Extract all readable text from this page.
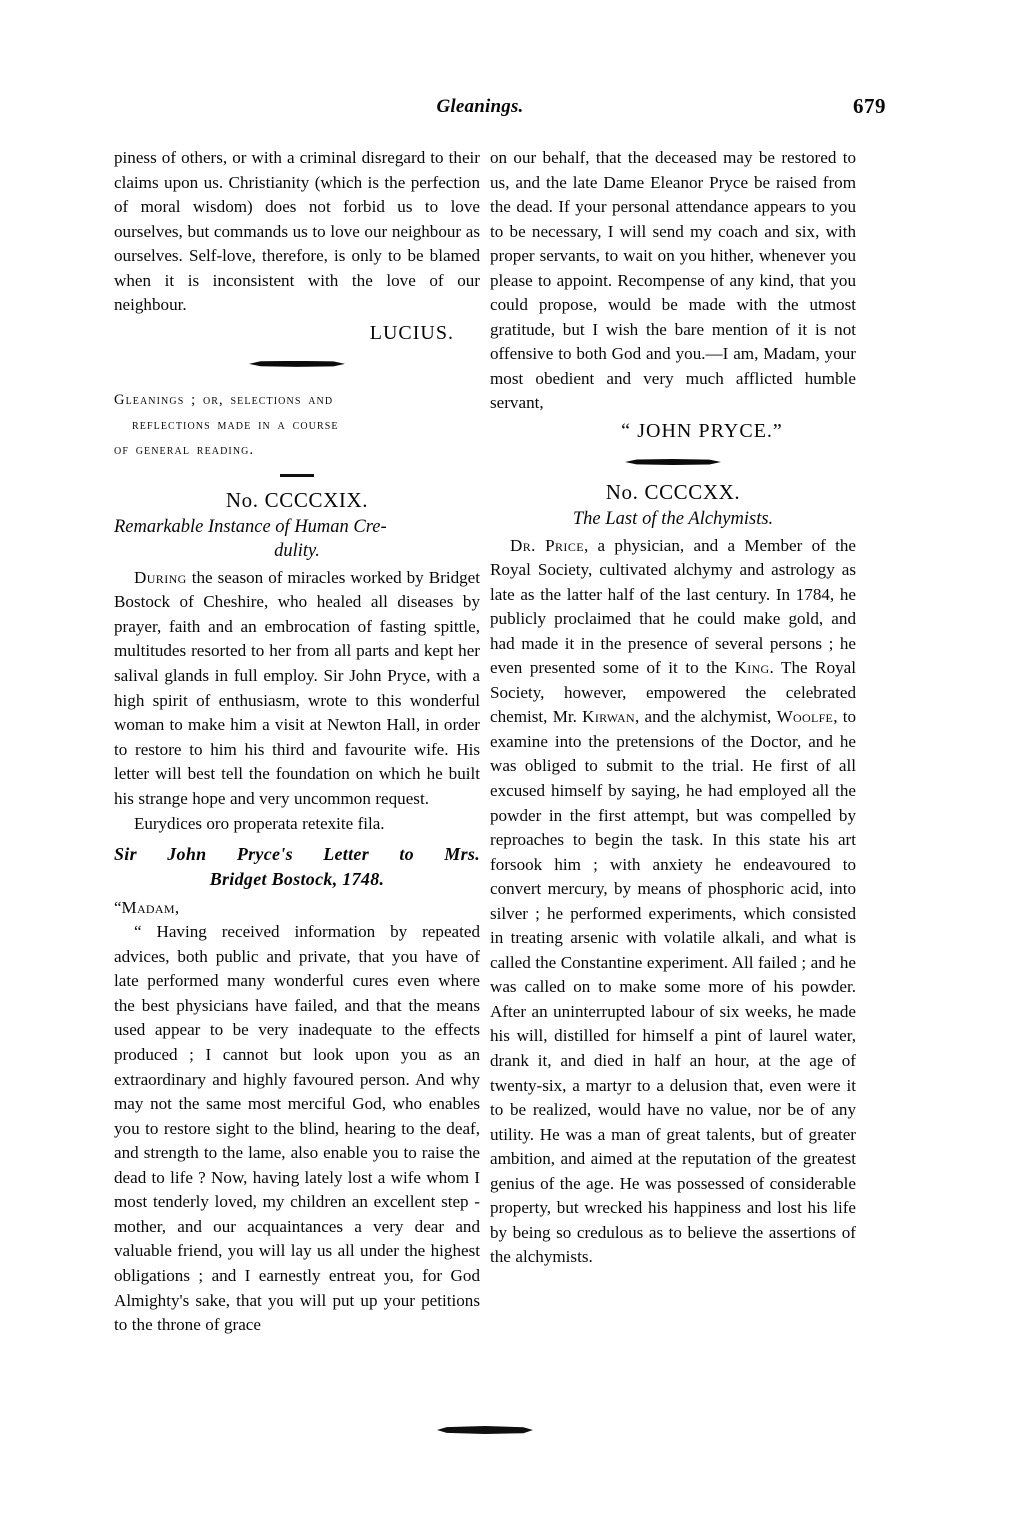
Gleanings.	679

piness of others, or with a criminal disregard to their claims upon us. Christianity (which is the perfection of moral wisdom) does not forbid us to love ourselves, but commands us to love our neighbour as ourselves. Self-love, therefore, is only to be blamed when it is inconsistent with the love of our neighbour.

LUCIUS.

Gleanings ; or, selections and
reflections made in a course
of general reading.

No. CCCCXIX.

Remarkable Instance of Human Cre-
dulity.

During the season of miracles worked by Bridget Bostock of Cheshire, who healed all diseases by prayer, faith and an embrocation of fasting spittle, multitudes resorted to her from all parts and kept her salival glands in full employ. Sir John Pryce, with a high spirit of enthusiasm, wrote to this wonderful woman to make him a visit at Newton Hall, in order to restore to him his third and favourite wife. His letter will best tell the foundation on which he built his strange hope and very uncommon request.

Eurydices oro properata retexite fila.

Sir John Pryce's Letter to Mrs.
Bridget Bostock, 1748.

“Madam,

“ Having received information by repeated advices, both public and private, that you have of late performed many wonderful cures even where the best physicians have failed, and that the means used appear to be very inadequate to the effects produced ; I cannot but look upon you as an extraordinary and highly favoured person. And why may not the same most merciful God, who enables you to restore sight to the blind, hearing to the deaf, and strength to the lame, also enable you to raise the dead to life ? Now, having lately lost a wife whom I most tenderly loved, my children an excellent step - mother, and our acquaintances a very dear and valuable friend, you will lay us all under the highest obligations ; and I earnestly entreat you, for God Almighty's sake, that you will put up your petitions to the throne of grace

on our behalf, that the deceased may be restored to us, and the late Dame Eleanor Pryce be raised from the dead. If your personal attendance appears to you to be necessary, I will send my coach and six, with proper servants, to wait on you hither, whenever you please to appoint. Recompense of any kind, that you could propose, would be made with the utmost gratitude, but I wish the bare mention of it is not offensive to both God and you.—I am, Madam, your most obedient and very much afflicted humble servant,

“ JOHN PRYCE.”

No. CCCCXX.

The Last of the Alchymists.

Dr. Price, a physician, and a Member of the Royal Society, cultivated alchymy and astrology as late as the latter half of the last century. In 1784, he publicly proclaimed that he could make gold, and had made it in the presence of several persons ; he even presented some of it to the King. The Royal Society, however, empowered the celebrated chemist, Mr. Kirwan, and the alchymist, Woolfe, to examine into the pretensions of the Doctor, and he was obliged to submit to the trial. He first of all excused himself by saying, he had employed all the powder in the first attempt, but was compelled by reproaches to begin the task. In this state his art forsook him ; with anxiety he endeavoured to convert mercury, by means of phosphoric acid, into silver ; he performed experiments, which consisted in treating arsenic with volatile alkali, and what is called the Constantine experiment. All failed ; and he was called on to make some more of his powder. After an uninterrupted labour of six weeks, he made his will, distilled for himself a pint of laurel water, drank it, and died in half an hour, at the age of twenty-six, a martyr to a delusion that, even were it to be realized, would have no value, nor be of any utility. He was a man of great talents, but of greater ambition, and aimed at the reputation of the greatest genius of the age. He was possessed of considerable property, but wrecked his happiness and lost his life by being so credulous as to believe the assertions of the alchymists.
